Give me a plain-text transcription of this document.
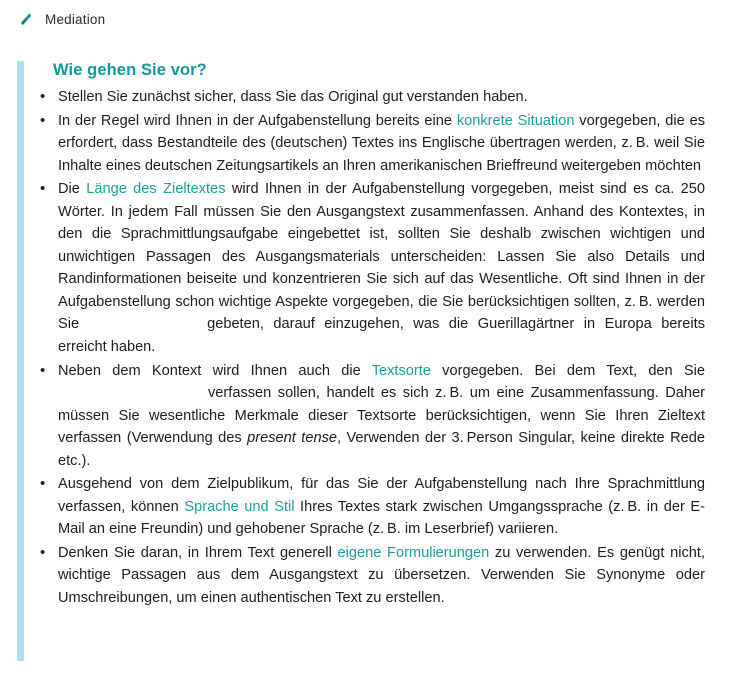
Mediation
Wie gehen Sie vor?
• Stellen Sie zunächst sicher, dass Sie das Original gut verstanden haben.
• In der Regel wird Ihnen in der Aufgabenstellung bereits eine konkrete Situation vorgegeben, die es erfordert, dass Bestandteile des (deutschen) Textes ins Englische übertragen werden, z. B. weil Sie Inhalte eines deutschen Zeitungsartikels an Ihren amerikanischen Brieffreund weitergeben möchten
• Die Länge des Zieltextes wird Ihnen in der Aufgabenstellung vorgegeben, meist sind es ca. 250 Wörter. In jedem Fall müssen Sie den Ausgangstext zusammenfassen. Anhand des Kontextes, in den die Sprachmittlungsaufgabe eingebettet ist, sollten Sie deshalb zwischen wichtigen und unwichtigen Passagen des Ausgangsmaterials unterscheiden: Lassen Sie also Details und Randinformationen beiseite und konzentrieren Sie sich auf das Wesentliche. Oft sind Ihnen in der Aufgabenstellung schon wichtige Aspekte vorgegeben, die Sie berücksichtigen sollten, z. B. werden Sie	gebeten, darauf einzugehen, was die Guerillagärtner in Europa bereits erreicht haben.
• Neben dem Kontext wird Ihnen auch die Textsorte vorgegeben. Bei dem Text, den Sieverfassen sollen, handelt es sich z. B. um eine Zusammenfassung. Daher müssen Sie wesentliche Merkmale dieser Textsorte berücksichtigen, wenn Sie Ihren Zieltext verfassen (Verwendung des present tense, Verwenden der 3. Person Singular, keine direkte Rede etc.).
• Ausgehend von dem Zielpublikum, für das Sie der Aufgabenstellung nach Ihre Sprachmittlung verfassen, können Sprache und Stil Ihres Textes stark zwischen Umgangssprache (z. B. in der E-Mail an eine Freundin) und gehobener Sprache (z. B. im Leserbrief) variieren.
• Denken Sie daran, in Ihrem Text generell eigene Formulierungen zu verwenden. Es genügt nicht, wichtige Passagen aus dem Ausgangstext zu übersetzen. Verwenden Sie Synonyme oder Umschreibungen, um einen authentischen Text zu erstellen.
